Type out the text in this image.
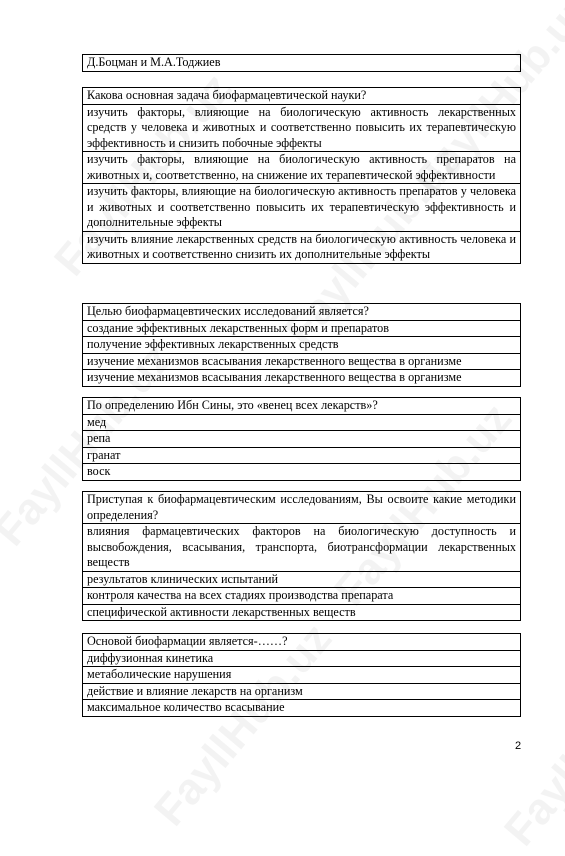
Д.Боцман и М.А.Тоджиев
Какова основная задача биофармацевтической науки?
изучить факторы, влияющие на биологическую активность лекарственных средств у человека и животных и соответственно повысить их терапевтическую эффективность и снизить побочные эффекты
изучить факторы, влияющие на биологическую активность препаратов на животных и, соответственно, на снижение их терапевтической эффективности
изучить факторы, влияющие на биологическую активность препаратов у человека и животных и соответственно повысить их терапевтическую эффективность и дополнительные эффекты
изучить влияние лекарственных средств на биологическую активность человека и животных и соответственно снизить их дополнительные эффекты
Целью биофармацевтических исследований является?
создание эффективных лекарственных форм и препаратов
получение эффективных лекарственных средств
изучение механизмов всасывания лекарственного вещества в организме
изучение механизмов всасывания лекарственного вещества в организме
По определению Ибн Сины, это «венец всех лекарств»?
мед
репа
гранат
воск
Приступая к биофармацевтическим исследованиям, Вы освоите какие методики определения?
влияния фармацевтических факторов на биологическую доступность и высвобождения, всасывания, транспорта, биотрансформации лекарственных веществ
результатов клинических испытаний
контроля качества на всех стадиях производства препарата
специфической активности лекарственных веществ
Основой биофармации является-……?
диффузионная кинетика
метаболические нарушения
действие и влияние лекарств на организм
максимальное количество всасывание
2
